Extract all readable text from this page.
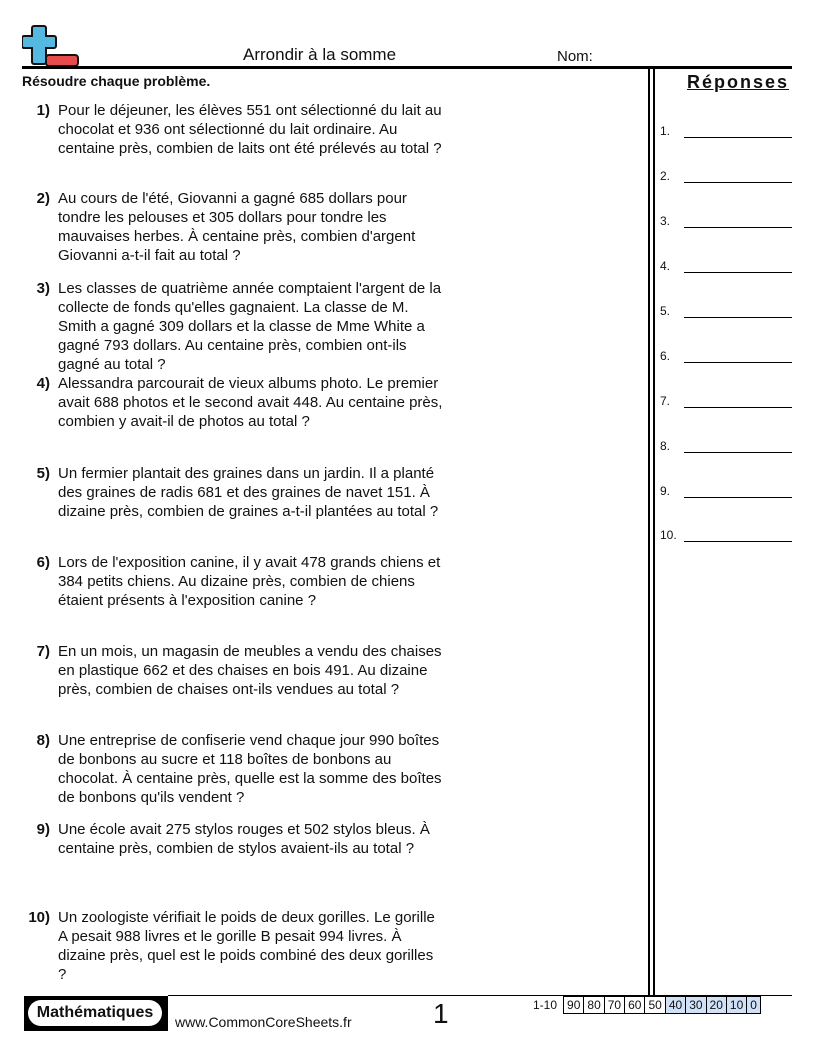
Arrondir à la somme	Nom:
Résoudre chaque problème.	Réponses
1) Pour le déjeuner, les élèves 551 ont sélectionné du lait au chocolat et 936 ont sélectionné du lait ordinaire. Au centaine près, combien de laits ont été prélevés au total ?
2) Au cours de l'été, Giovanni a gagné 685 dollars pour tondre les pelouses et 305 dollars pour tondre les mauvaises herbes. À centaine près, combien d'argent Giovanni a-t-il fait au total ?
3) Les classes de quatrième année comptaient l'argent de la collecte de fonds qu'elles gagnaient. La classe de M. Smith a gagné 309 dollars et la classe de Mme White a gagné 793 dollars. Au centaine près, combien ont-ils gagné au total ?
4) Alessandra parcourait de vieux albums photo. Le premier avait 688 photos et le second avait 448. Au centaine près, combien y avait-il de photos au total ?
5) Un fermier plantait des graines dans un jardin. Il a planté des graines de radis 681 et des graines de navet 151. À dizaine près, combien de graines a-t-il plantées au total ?
6) Lors de l'exposition canine, il y avait 478 grands chiens et 384 petits chiens. Au dizaine près, combien de chiens étaient présents à l'exposition canine ?
7) En un mois, un magasin de meubles a vendu des chaises en plastique 662 et des chaises en bois 491. Au dizaine près, combien de chaises ont-ils vendues au total ?
8) Une entreprise de confiserie vend chaque jour 990 boîtes de bonbons au sucre et 118 boîtes de bonbons au chocolat. À centaine près, quelle est la somme des boîtes de bonbons qu'ils vendent ?
9) Une école avait 275 stylos rouges et 502 stylos bleus. À centaine près, combien de stylos avaient-ils au total ?
10) Un zoologiste vérifiait le poids de deux gorilles. Le gorille A pesait 988 livres et le gorille B pesait 994 livres. À dizaine près, quel est le poids combiné des deux gorilles ?
1.
2.
3.
4.
5.
6.
7.
8.
9.
10.
Mathématiques
www.CommonCoreSheets.fr	1	1-10	90	80	70	60	50	40	30	20	10	0
